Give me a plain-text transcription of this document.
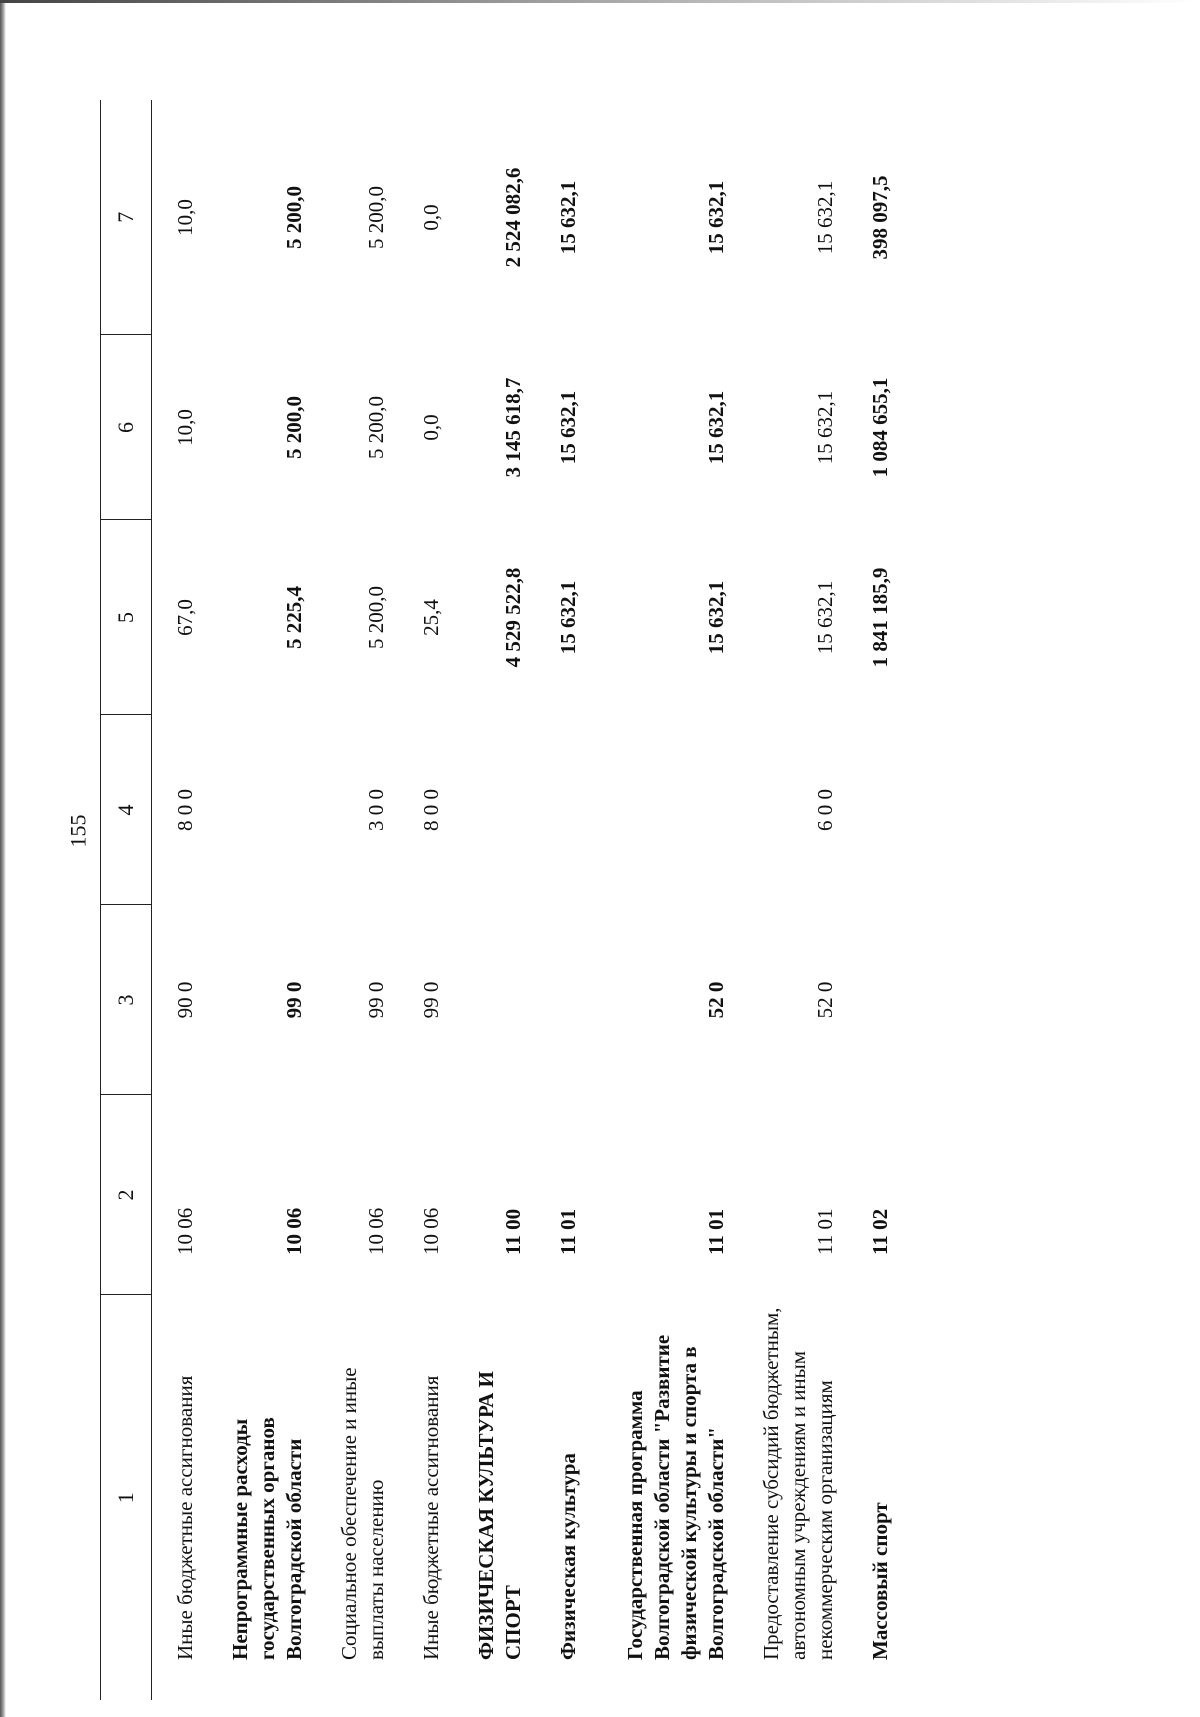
155
1	2	3	4	5	6	7
Иные бюджетные ассигнования	10 06	90 0	8 0 0	67,0	10,0	10,0
Непрограммные расходы государственных органов Волгоградской области	10 06	99 0		5 225,4	5 200,0	5 200,0
Социальное обеспечение и иные выплаты населению	10 06	99 0	3 0 0	5 200,0	5 200,0	5 200,0
Иные бюджетные ассигнования	10 06	99 0	8 0 0	25,4	0,0	0,0
ФИЗИЧЕСКАЯ КУЛЬТУРА И СПОРТ	11 00			4 529 522,8	3 145 618,7	2 524 082,6
Физическая культура	11 01			15 632,1	15 632,1	15 632,1
Государственная программа Волгоградской области "Развитие физической культуры и спорта в Волгоградской области"	11 01	52 0		15 632,1	15 632,1	15 632,1
Предоставление субсидий бюджетным, автономным учреждениям и иным некоммерческим организациям	11 01	52 0	6 0 0	15 632,1	15 632,1	15 632,1
Массовый спорт	11 02			1 841 185,9	1 084 655,1	398 097,5
